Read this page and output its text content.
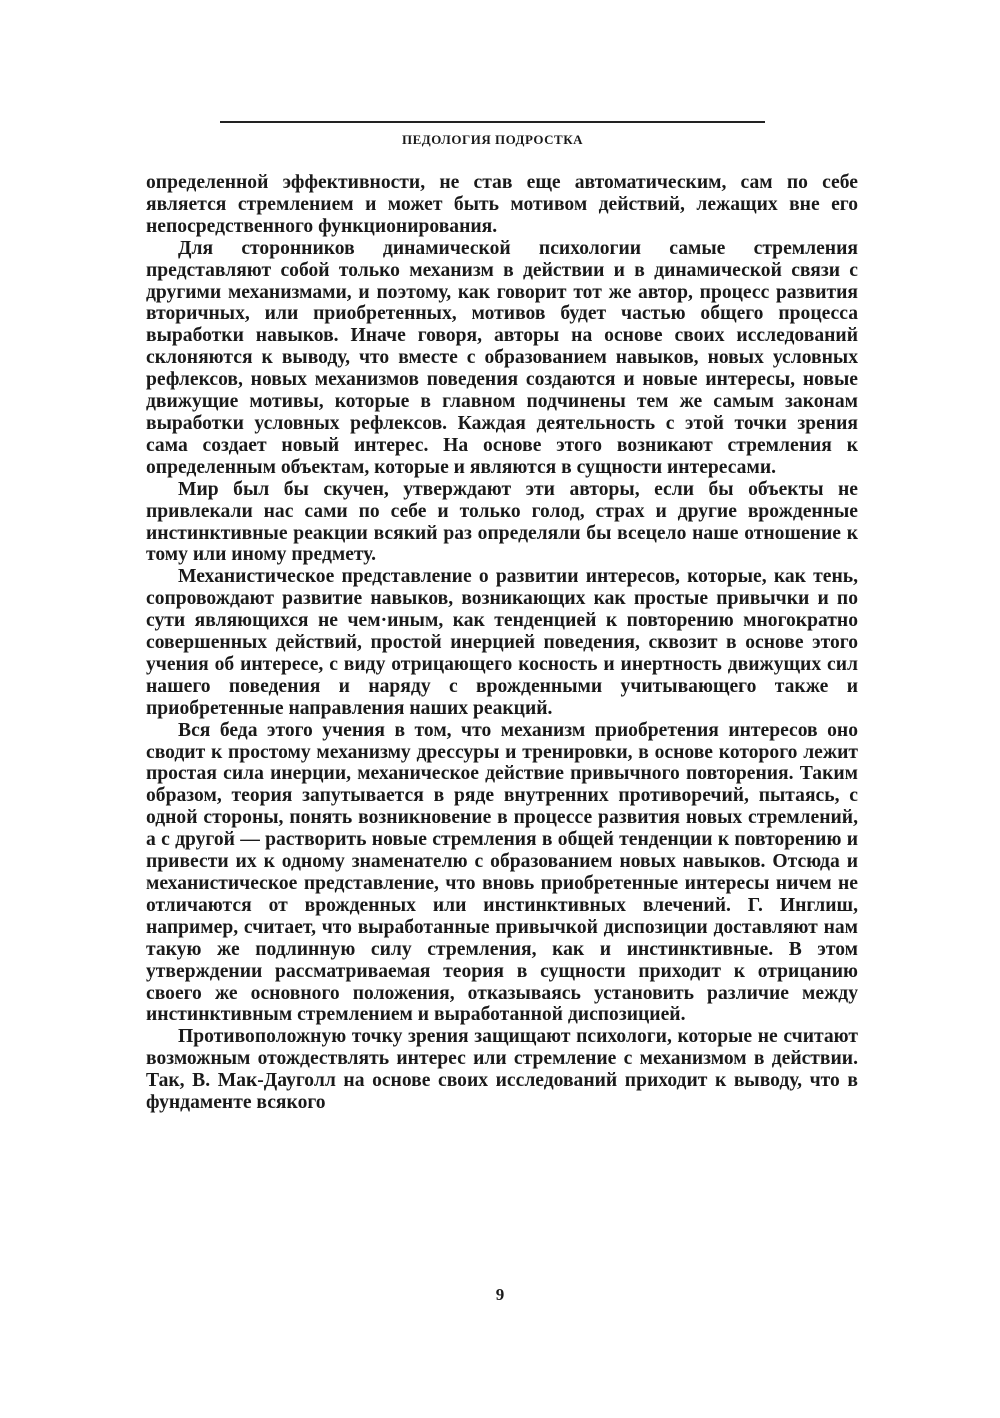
ПЕДОЛОГИЯ ПОДРОСТКА

определенной эффективности, не став еще автоматическим, сам по себе является стремлением и может быть мотивом действий, лежащих вне его непосредственного функционирования.

Для сторонников динамической психологии самые стремления представляют собой только механизм в действии и в динамической связи с другими механизмами, и поэтому, как говорит тот же автор, процесс развития вторичных, или приобретенных, мотивов будет частью общего процесса выработки навыков. Иначе говоря, авторы на основе своих исследований склоняются к выводу, что вместе с образованием навыков, новых условных рефлексов, новых механизмов поведения создаются и новые интересы, новые движущие мотивы, которые в главном подчинены тем же самым законам выработки условных рефлексов. Каждая деятельность с этой точки зрения сама создает новый интерес. На основе этого возникают стремления к определенным объектам, которые и являются в сущности интересами.

Мир был бы скучен, утверждают эти авторы, если бы объекты не привлекали нас сами по себе и только голод, страх и другие врожденные инстинктивные реакции всякий раз определяли бы всецело наше отношение к тому или иному предмету.

Механистическое представление о развитии интересов, которые, как тень, сопровождают развитие навыков, возникающих как простые привычки и по сути являющихся не чем·иным, как тенденцией к повторению многократно совершенных действий, простой инерцией поведения, сквозит в основе этого учения об интересе, с виду отрицающего косность и инертность движущих сил нашего поведения и наряду с врожденными учитывающего также и приобретенные направления наших реакций.

Вся беда этого учения в том, что механизм приобретения интересов оно сводит к простому механизму дрессуры и тренировки, в основе которого лежит простая сила инерции, механическое действие привычного повторения. Таким образом, теория запутывается в ряде внутренних противоречий, пытаясь, с одной стороны, понять возникновение в процессе развития новых стремлений, а с другой — растворить новые стремления в общей тенденции к повторению и привести их к одному знаменателю с образованием новых навыков. Отсюда и механистическое представление, что вновь приобретенные интересы ничем не отличаются от врожденных или инстинктивных влечений. Г. Инглиш, например, считает, что выработанные привычкой диспозиции доставляют нам такую же подлинную силу стремления, как и инстинктивные. В этом утверждении рассматриваемая теория в сущности приходит к отрицанию своего же основного положения, отказываясь установить различие между инстинктивным стремлением и выработанной диспозицией.

Противоположную точку зрения защищают психологи, которые не считают возможным отождествлять интерес или стремление с механизмом в действии. Так, В. Мак-Дауголл на основе своих исследований приходит к выводу, что в фундаменте всякого

9
